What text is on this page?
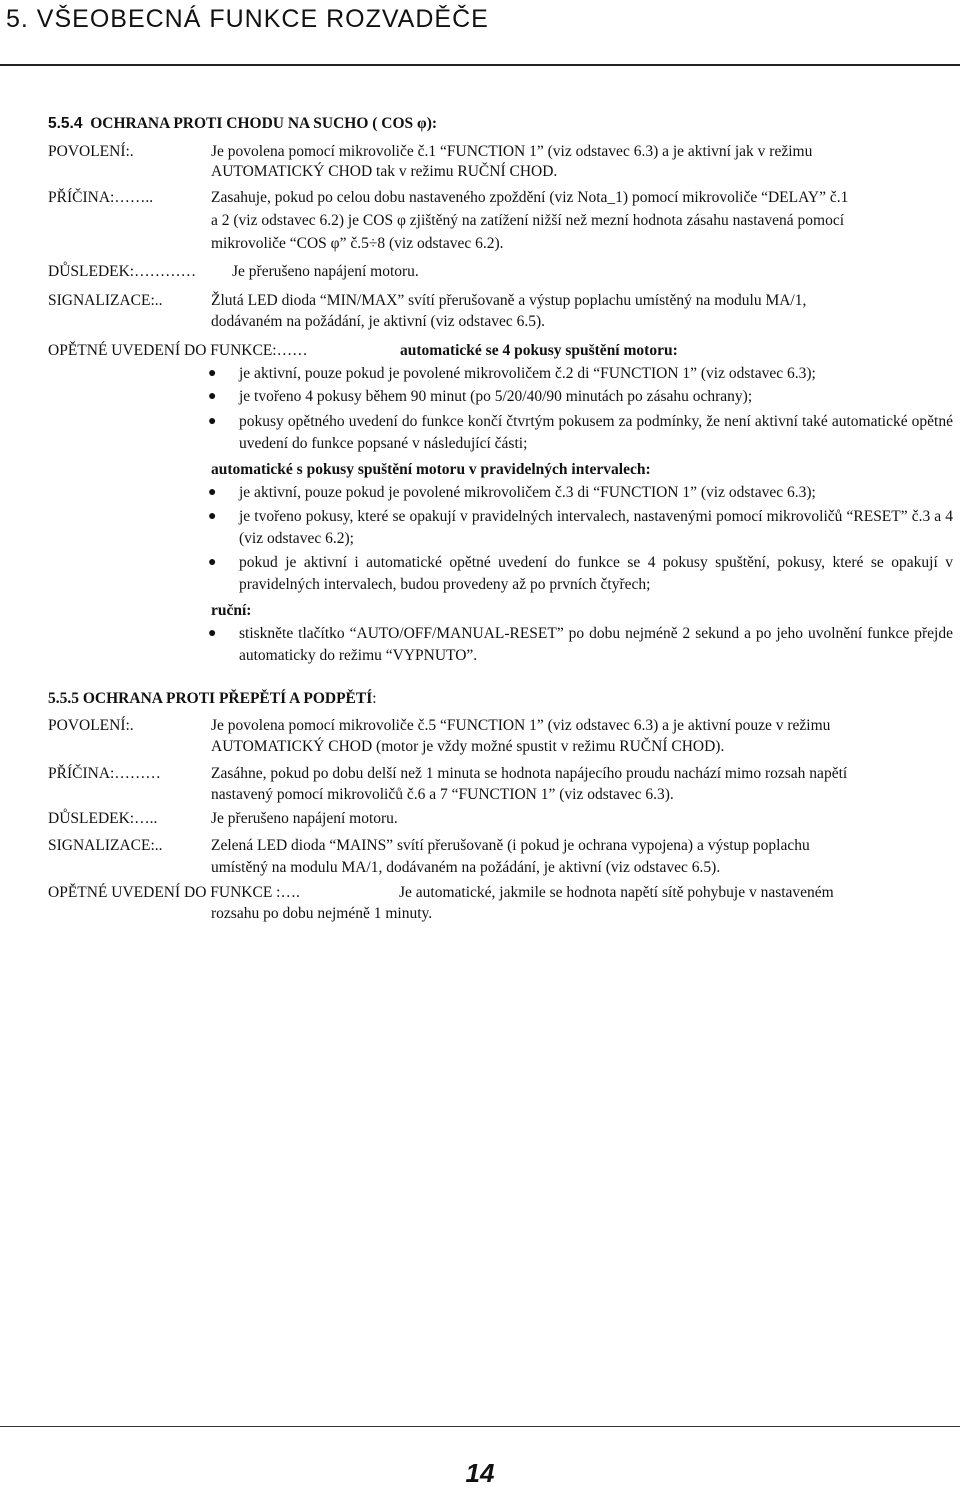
5. VŠEOBECNÁ FUNKCE ROZVADĚČE
5.5.4 OCHRANA PROTI CHODU NA SUCHO ( COS φ):
POVOLENÍ:.	Je povolena pomocí mikrovoliče č.1 “FUNCTION 1” (viz odstavec 6.3) a je aktivní jak v režimu
AUTOMATICKÝ CHOD tak v režimu RUČNÍ CHOD.
PŘÍČINA:……..	Zasahuje, pokud po celou dobu nastaveného zpoždění (viz Nota_1) pomocí mikrovoliče “DELAY” č.1
a 2 (viz odstavec 6.2) je COS φ zjištěný na zatížení nižší než mezní hodnota zásahu nastavená pomocí
mikrovoliče “COS φ” č.5÷8 (viz odstavec 6.2).
DŮSLEDEK:………… Je přerušeno napájení motoru.
SIGNALIZACE:..	Žlutá LED dioda “MIN/MAX” svítí přerušovaně a výstup poplachu umístěný na modulu MA/1,
dodávaném na požádání, je aktivní (viz odstavec 6.5).
OPĚTNÉ UVEDENÍ DO FUNKCE:……	automatické se 4 pokusy spuštění motoru:
● je aktivní, pouze pokud je povolené mikrovoličem č.2 di “FUNCTION 1” (viz odstavec 6.3);
● je tvořeno 4 pokusy během 90 minut (po 5/20/40/90 minutách po zásahu ochrany);
● pokusy opětného uvedení do funkce končí čtvrtým pokusem za podmínky, že není aktivní také automatické opětné uvedení do funkce popsané v následující části;
automatické s pokusy spuštění motoru v pravidelných intervalech:
● je aktivní, pouze pokud je povolené mikrovoličem č.3 di “FUNCTION 1” (viz odstavec 6.3);
● je tvořeno pokusy, které se opakují v pravidelných intervalech, nastavenými pomocí mikrovoličů “RESET” č.3 a 4 (viz odstavec 6.2);
● pokud je aktivní i automatické opětné uvedení do funkce se 4 pokusy spuštění, pokusy, které se opakují v pravidelných intervalech, budou provedeny až po prvních čtyřech;
ruční:
● stiskněte tlačítko “AUTO/OFF/MANUAL-RESET” po dobu nejméně 2 sekund a po jeho uvolnění funkce přejde automaticky do režimu “VYPNUTO”.
5.5.5 OCHRANA PROTI PŘEPĚTÍ A PODPĚTÍ:
POVOLENÍ:.	Je povolena pomocí mikrovoliče č.5 “FUNCTION 1” (viz odstavec 6.3) a je aktivní pouze v režimu
AUTOMATICKÝ CHOD (motor je vždy možné spustit v režimu RUČNÍ CHOD).
PŘÍČINA:………	Zasáhne, pokud po dobu delší než 1 minuta se hodnota napájecího proudu nachází mimo rozsah napětí
nastavený pomocí mikrovoličů č.6 a 7 “FUNCTION 1” (viz odstavec 6.3).
DŮSLEDEK:…..	Je přerušeno napájení motoru.
SIGNALIZACE:..	Zelená LED dioda “MAINS” svítí přerušovaně (i pokud je ochrana vypojena) a výstup poplachu
umístěný na modulu MA/1, dodávaném na požádání, je aktivní (viz odstavec 6.5).
OPĚTNÉ UVEDENÍ DO FUNKCE :….	Je automatické, jakmile se hodnota napětí sítě pohybuje v nastaveném
rozsahu po dobu nejméně 1 minuty.
14
